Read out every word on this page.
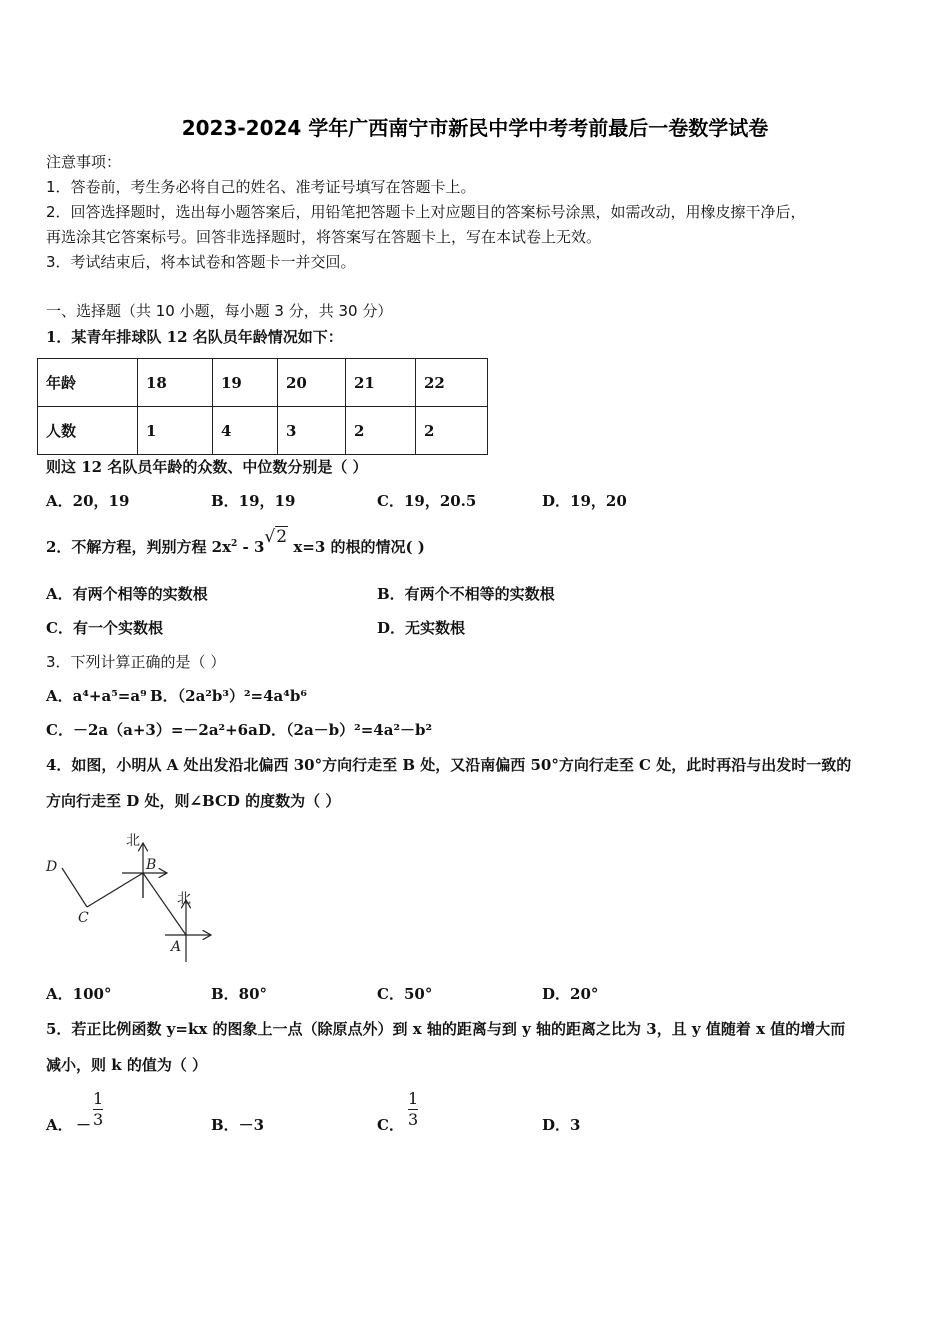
2023-2024 学年广西南宁市新民中学中考考前最后一卷数学试卷
注意事项：
1．答卷前，考生务必将自己的姓名、准考证号填写在答题卡上。
2．回答选择题时，选出每小题答案后，用铅笔把答题卡上对应题目的答案标号涂黑，如需改动，用橡皮擦干净后，
再选涂其它答案标号。回答非选择题时，将答案写在答题卡上，写在本试卷上无效。
3．考试结束后，将本试卷和答题卡一并交回。
一、选择题（共 10 小题，每小题 3 分，共 30 分）
1．某青年排球队 12 名队员年龄情况如下：
年龄	18	19	20	21	22
人数	1	4	3	2	2
则这 12 名队员年龄的众数、中位数分别是（ ）
A．20，19	B．19，19	C．19，20.5	D．19，20
2．不解方程，判别方程 $2x^2 - 3√2$ x=3 的根的情况( )
A．有两个相等的实数根	B．有两个不相等的实数根
C．有一个实数根	D．无实数根
3．下列计算正确的是（ ）
A．a⁴+a⁵=a⁹ B．（2a²b³）²=4a⁴b⁶
C．－2a（a+3）=－2a²+6a D．（2a－b）²=4a²－b²
4．如图，小明从 A 处出发沿北偏西 30°方向行走至 B 处，又沿南偏西 50°方向行走至 C 处，此时再沿与出发时一致的
方向行走至 D 处，则∠BCD 的度数为（ ）
北
北
B
A
C
D
A．100°	B．80°	C．50°	D．20°
5．若正比例函数 y=kx 的图象上一点（除原点外）到 x 轴的距离与到 y 轴的距离之比为 3，且 y 值随着 x 值的增大而
减小，则 k 的值为（ ）
A． － $\frac{1}{3}$	B．－3	C． $\frac{1}{3}$	D．3
